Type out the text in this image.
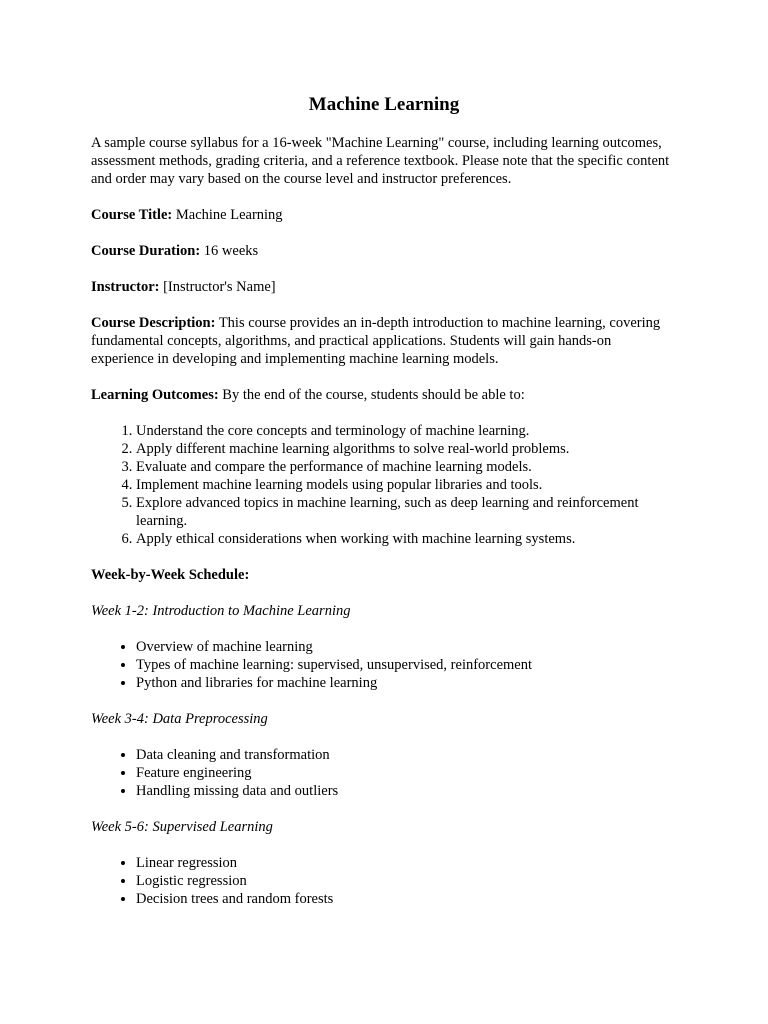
Machine Learning

A sample course syllabus for a 16-week "Machine Learning" course, including learning outcomes, assessment methods, grading criteria, and a reference textbook. Please note that the specific content and order may vary based on the course level and instructor preferences.

Course Title: Machine Learning

Course Duration: 16 weeks

Instructor: [Instructor's Name]

Course Description: This course provides an in-depth introduction to machine learning, covering fundamental concepts, algorithms, and practical applications. Students will gain hands-on experience in developing and implementing machine learning models.

Learning Outcomes: By the end of the course, students should be able to:

1. Understand the core concepts and terminology of machine learning.
2. Apply different machine learning algorithms to solve real-world problems.
3. Evaluate and compare the performance of machine learning models.
4. Implement machine learning models using popular libraries and tools.
5. Explore advanced topics in machine learning, such as deep learning and reinforcement learning.
6. Apply ethical considerations when working with machine learning systems.

Week-by-Week Schedule:

Week 1-2: Introduction to Machine Learning

• Overview of machine learning
• Types of machine learning: supervised, unsupervised, reinforcement
• Python and libraries for machine learning

Week 3-4: Data Preprocessing

• Data cleaning and transformation
• Feature engineering
• Handling missing data and outliers

Week 5-6: Supervised Learning

• Linear regression
• Logistic regression
• Decision trees and random forests
